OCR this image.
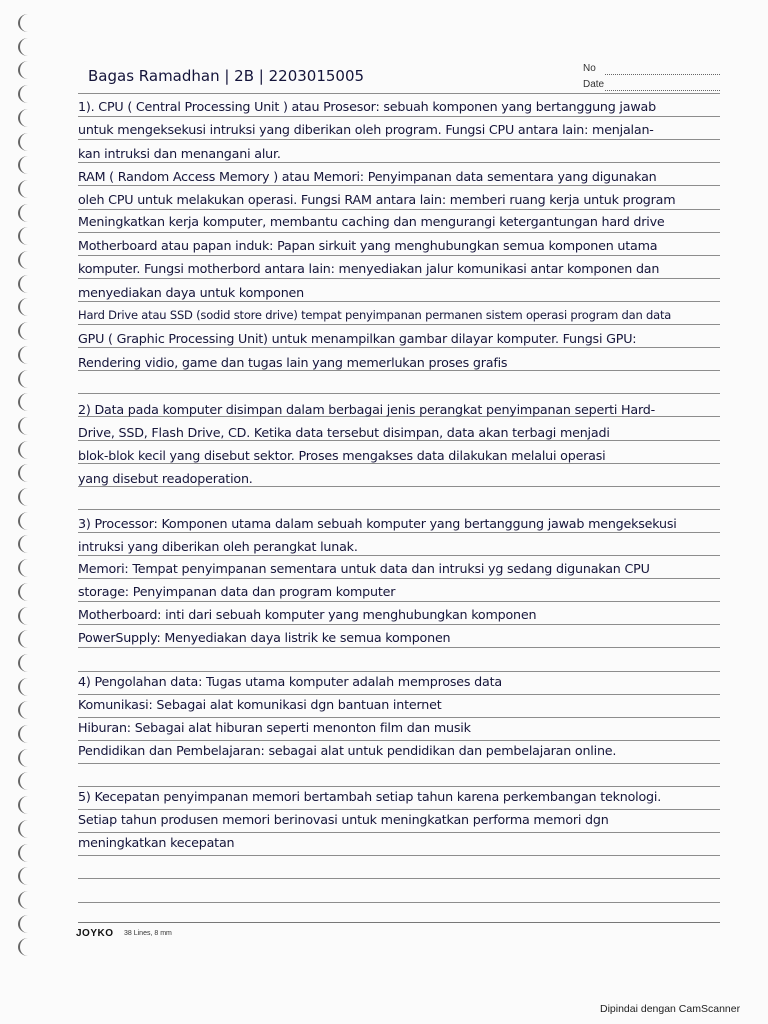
Bagas Ramadhan | 2B | 2203015005	No
Date
1). CPU ( Central Processing Unit ) atau Prosesor: sebuah komponen yang bertanggung jawab
untuk mengeksekusi intruksi yang diberikan oleh program. Fungsi CPU antara lain: menjalan-
kan intruksi dan menangani alur.
RAM ( Random Access Memory ) atau Memori: Penyimpanan data sementara yang digunakan
oleh CPU untuk melakukan operasi. Fungsi RAM antara lain: memberi ruang kerja untuk program
Meningkatkan kerja komputer, membantu caching dan mengurangi ketergantungan hard drive
Motherboard atau papan induk: Papan sirkuit yang menghubungkan semua komponen utama
komputer. Fungsi motherbord antara lain: menyediakan jalur komunikasi antar komponen dan
menyediakan daya untuk komponen
Hard Drive atau SSD (sodid store drive) tempat penyimpanan permanen sistem operasi program dan data
GPU ( Graphic Processing Unit) untuk menampilkan gambar dilayar komputer. Fungsi GPU:
Rendering vidio, game dan tugas lain yang memerlukan proses grafis
2) Data pada komputer disimpan dalam berbagai jenis perangkat penyimpanan seperti Hard-
Drive, SSD, Flash Drive, CD. Ketika data tersebut disimpan, data akan terbagi menjadi
blok-blok kecil yang disebut sektor. Proses mengakses data dilakukan melalui operasi
yang disebut readoperation.
3) Processor: Komponen utama dalam sebuah komputer yang bertanggung jawab mengeksekusi
intruksi yang diberikan oleh perangkat lunak.
Memori: Tempat penyimpanan sementara untuk data dan intruksi yg sedang digunakan CPU
storage: Penyimpanan data dan program komputer
Motherboard: inti dari sebuah komputer yang menghubungkan komponen
PowerSupply: Menyediakan daya listrik ke semua komponen
4) Pengolahan data: Tugas utama komputer adalah memproses data
Komunikasi: Sebagai alat komunikasi dgn bantuan internet
Hiburan: Sebagai alat hiburan seperti menonton film dan musik
Pendidikan dan Pembelajaran: sebagai alat untuk pendidikan dan pembelajaran online.
5) Kecepatan penyimpanan memori bertambah setiap tahun karena perkembangan teknologi.
Setiap tahun produsen memori berinovasi untuk meningkatkan performa memori dgn
meningkatkan kecepatan
JOYKO 38 Lines, 8 mm
Dipindai dengan CamScanner
